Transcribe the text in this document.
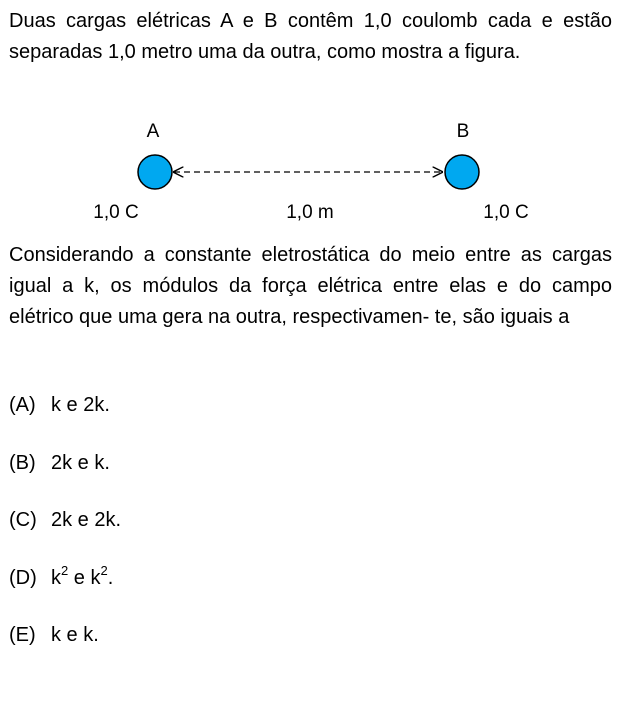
Duas cargas elétricas A e B contêm 1,0 coulomb cada e estão separadas 1,0 metro uma da outra, como mostra a figura.

A	B
1,0 C	1,0 m	1,0 C

Considerando a constante eletrostática do meio entre as cargas igual a k, os módulos da força elétrica entre elas e do campo elétrico que uma gera na outra, respectivamen- te, são iguais a

(A) k e 2k.
(B) 2k e k.
(C) 2k e 2k.
(D) $k^2$ e $k^2$.
(E) k e k.
